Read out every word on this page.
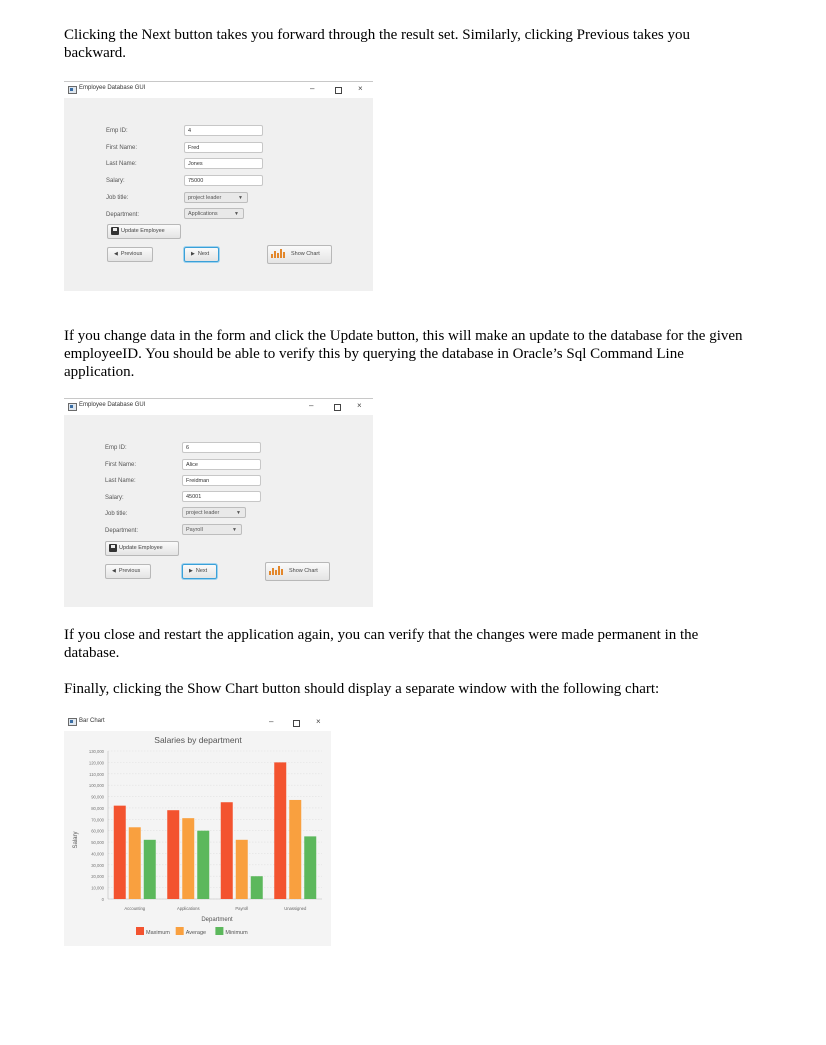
Clicking the Next button takes you forward through the result set. Similarly, clicking Previous takes you backward.
Employee Database GUI	–	×
Emp ID:	4
First Name:	Fred
Last Name:	Jones
Salary:	75000
Job title:	project leader	▼
Department:	Applications	▼
Update Employee
◀ Previous	▶ Next	Show Chart
If you change data in the form and click the Update button, this will make an update to the database for the given employeeID. You should be able to verify this by querying the database in Oracle’s Sql Command Line application.
Employee Database GUI	–	×
Emp ID:	6
First Name:	Alice
Last Name:	Freidman
Salary:	45001
Job title:	project leader	▼
Department:	Payroll	▼
Update Employee
◀ Previous	▶ Next	Show Chart
If you close and restart the application again, you can verify that the changes were made permanent in the database.
Finally, clicking the Show Chart button should display a separate window with the following chart:
Bar Chart	–	×
Salaries by department
Salary
Department
0
10,000
20,000
30,000
40,000
50,000
60,000
70,000
80,000
90,000
100,000
110,000
120,000
130,000
Accounting	Applications	Payroll	Unassigned
Maximum	Average	Minimum
